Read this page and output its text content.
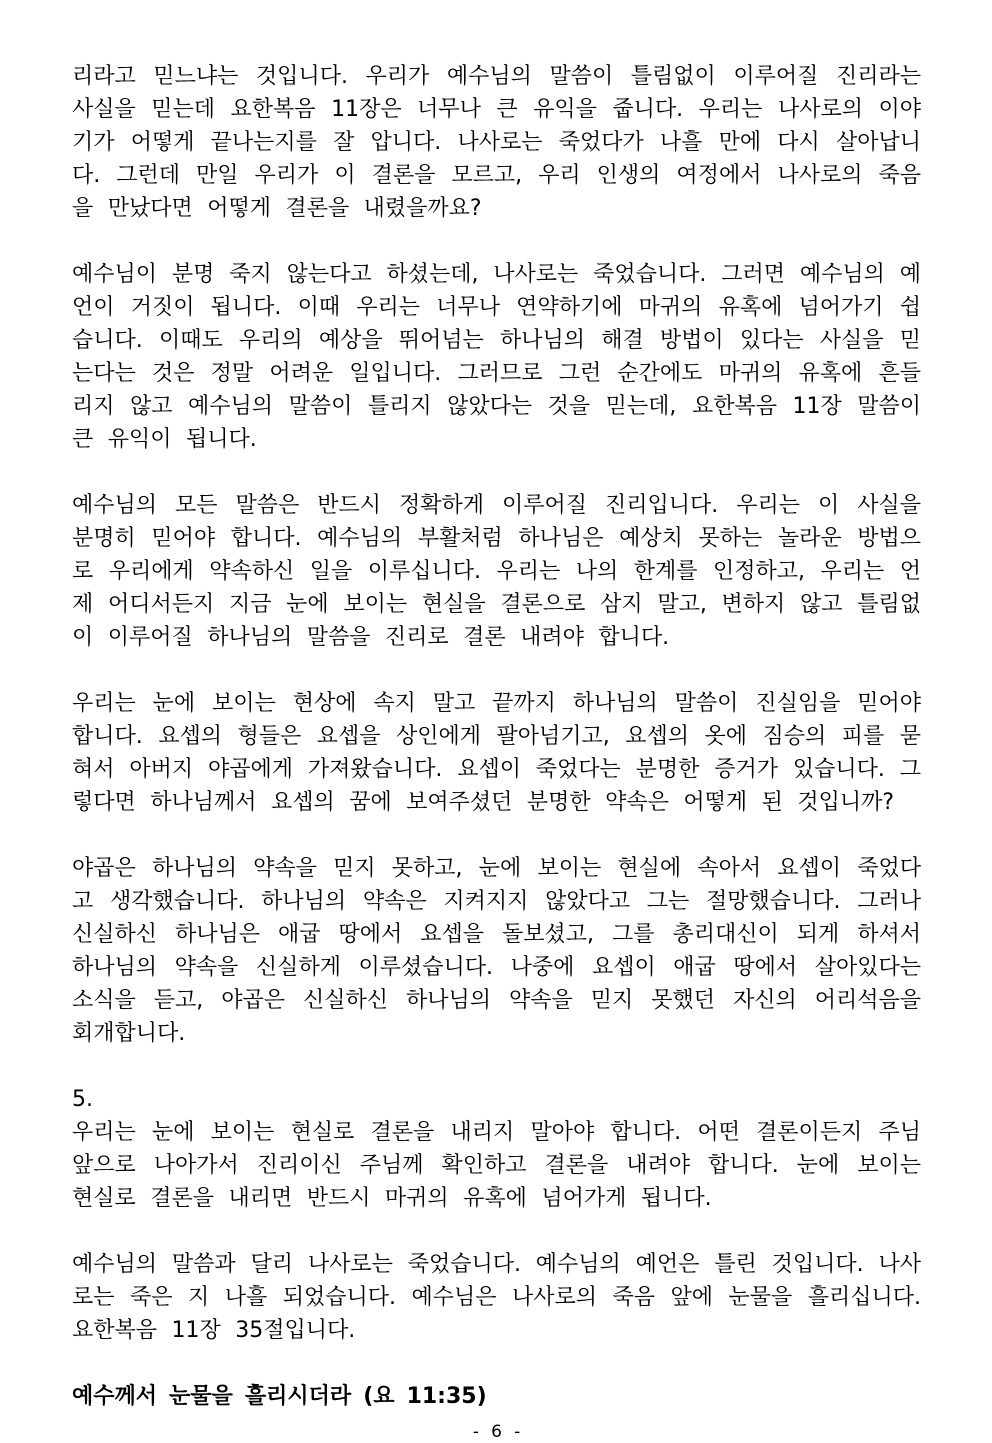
리라고 믿느냐는 것입니다. 우리가 예수님의 말씀이 틀림없이 이루어질 진리라는 사실을 믿는데 요한복음 11장은 너무나 큰 유익을 줍니다. 우리는 나사로의 이야기가 어떻게 끝나는지를 잘 압니다. 나사로는 죽었다가 나흘 만에 다시 살아납니다. 그런데 만일 우리가 이 결론을 모르고, 우리 인생의 여정에서 나사로의 죽음을 만났다면 어떻게 결론을 내렸을까요?

예수님이 분명 죽지 않는다고 하셨는데, 나사로는 죽었습니다. 그러면 예수님의 예언이 거짓이 됩니다. 이때 우리는 너무나 연약하기에 마귀의 유혹에 넘어가기 쉽습니다. 이때도 우리의 예상을 뛰어넘는 하나님의 해결 방법이 있다는 사실을 믿는다는 것은 정말 어려운 일입니다. 그러므로 그런 순간에도 마귀의 유혹에 흔들리지 않고 예수님의 말씀이 틀리지 않았다는 것을 믿는데, 요한복음 11장 말씀이 큰 유익이 됩니다.

예수님의 모든 말씀은 반드시 정확하게 이루어질 진리입니다. 우리는 이 사실을 분명히 믿어야 합니다. 예수님의 부활처럼 하나님은 예상치 못하는 놀라운 방법으로 우리에게 약속하신 일을 이루십니다. 우리는 나의 한계를 인정하고, 우리는 언제 어디서든지 지금 눈에 보이는 현실을 결론으로 삼지 말고, 변하지 않고 틀림없이 이루어질 하나님의 말씀을 진리로 결론 내려야 합니다.

우리는 눈에 보이는 현상에 속지 말고 끝까지 하나님의 말씀이 진실임을 믿어야 합니다. 요셉의 형들은 요셉을 상인에게 팔아넘기고, 요셉의 옷에 짐승의 피를 묻혀서 아버지 야곱에게 가져왔습니다. 요셉이 죽었다는 분명한 증거가 있습니다. 그렇다면 하나님께서 요셉의 꿈에 보여주셨던 분명한 약속은 어떻게 된 것입니까?

야곱은 하나님의 약속을 믿지 못하고, 눈에 보이는 현실에 속아서 요셉이 죽었다고 생각했습니다. 하나님의 약속은 지켜지지 않았다고 그는 절망했습니다. 그러나 신실하신 하나님은 애굽 땅에서 요셉을 돌보셨고, 그를 총리대신이 되게 하셔서 하나님의 약속을 신실하게 이루셨습니다. 나중에 요셉이 애굽 땅에서 살아있다는 소식을 듣고, 야곱은 신실하신 하나님의 약속을 믿지 못했던 자신의 어리석음을 회개합니다.

5.

우리는 눈에 보이는 현실로 결론을 내리지 말아야 합니다. 어떤 결론이든지 주님 앞으로 나아가서 진리이신 주님께 확인하고 결론을 내려야 합니다. 눈에 보이는 현실로 결론을 내리면 반드시 마귀의 유혹에 넘어가게 됩니다.

예수님의 말씀과 달리 나사로는 죽었습니다. 예수님의 예언은 틀린 것입니다. 나사로는 죽은 지 나흘 되었습니다. 예수님은 나사로의 죽음 앞에 눈물을 흘리십니다. 요한복음 11장 35절입니다.

예수께서 눈물을 흘리시더라 (요 11:35)

- 6 -
